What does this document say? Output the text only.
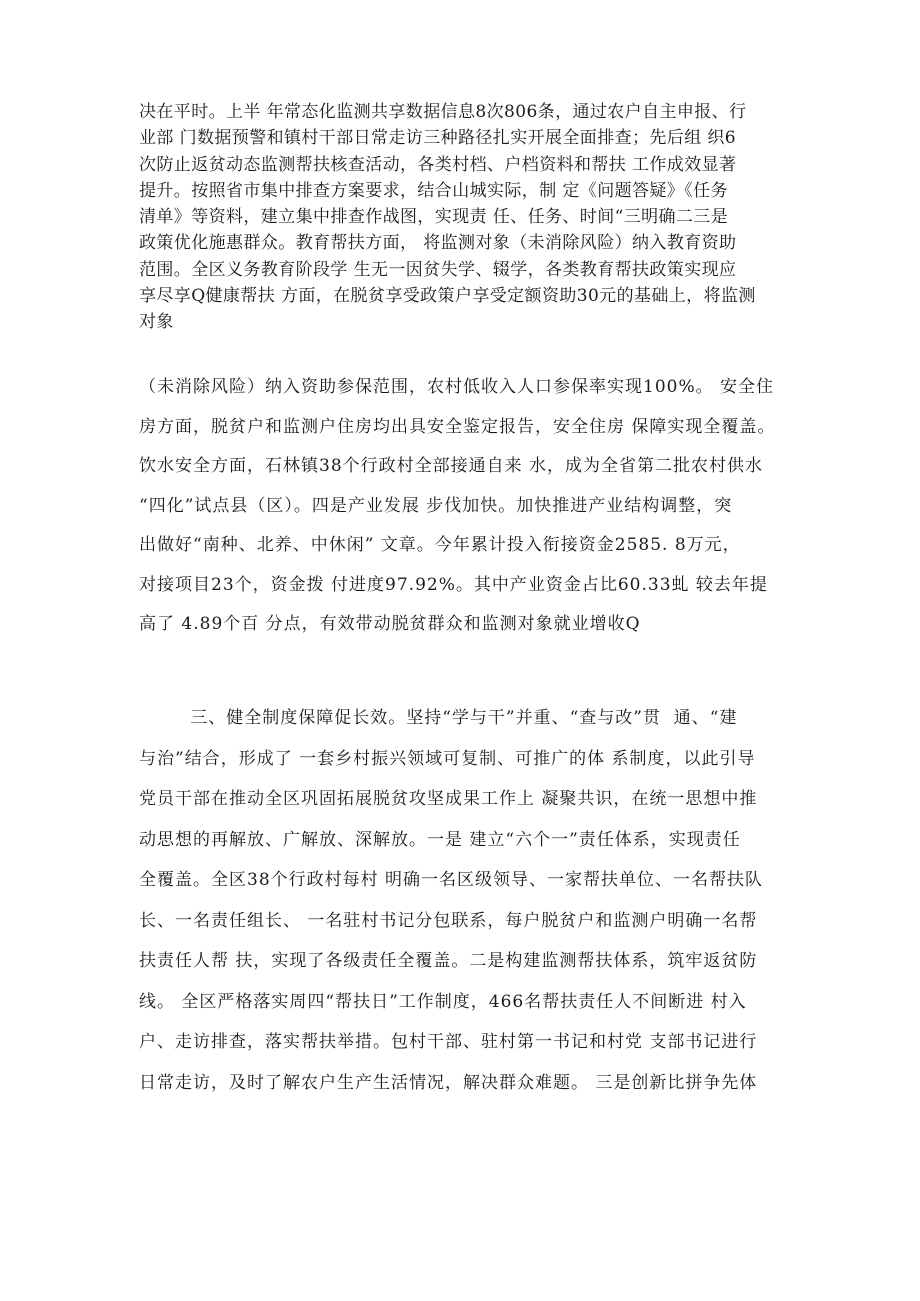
决在平时。上半 年常态化监测共享数据信息8次806条，通过农户自主申报、行
业部 门数据预警和镇村干部日常走访三种路径扎实开展全面排查；先后组 织6
次防止返贫动态监测帮扶核查活动，各类村档、户档资料和帮扶 工作成效显著
提升。按照省市集中排查方案要求，结合山城实际，制 定《问题答疑》《任务
清单》等资料，建立集中排查作战图，实现责 任、任务、时间“三明确二三是
政策优化施惠群众。教育帮扶方面， 将监测对象（未消除风险）纳入教育资助
范围。全区义务教育阶段学 生无一因贫失学、辍学，各类教育帮扶政策实现应
享尽享Q健康帮扶 方面，在脱贫享受政策户享受定额资助30元的基础上，将监测
对象
（未消除风险）纳入资助参保范围，农村低收入人口参保率实现100%。 安全住
房方面，脱贫户和监测户住房均出具安全鉴定报告，安全住房 保障实现全覆盖。
饮水安全方面，石林镇38个行政村全部接通自来 水，成为全省第二批农村供水
“四化”试点县（区）。四是产业发展 步伐加快。加快推进产业结构调整，突
出做好“南种、北养、中休闲” 文章。今年累计投入衔接资金2585. 8万元，
对接项目23个，资金拨 付进度97.92%。其中产业资金占比60.33虬 较去年提
高了 4.89个百 分点，有效带动脱贫群众和监测对象就业增收Q
三、健全制度保障促长效。坚持“学与干”并重、“查与改”贯  通、“建
与治”结合，形成了 一套乡村振兴领域可复制、可推广的体 系制度，以此引导
党员干部在推动全区巩固拓展脱贫攻坚成果工作上 凝聚共识，在统一思想中推
动思想的再解放、广解放、深解放。一是 建立“六个一”责任体系，实现责任
全覆盖。全区38个行政村每村 明确一名区级领导、一家帮扶单位、一名帮扶队
长、一名责任组长、 一名驻村书记分包联系，每户脱贫户和监测户明确一名帮
扶责任人帮 扶，实现了各级责任全覆盖。二是构建监测帮扶体系，筑牢返贫防
线。 全区严格落实周四“帮扶日”工作制度，466名帮扶责任人不间断进 村入
户、走访排查，落实帮扶举措。包村干部、驻村第一书记和村党 支部书记进行
日常走访，及时了解农户生产生活情况，解决群众难题。 三是创新比拼争先体
